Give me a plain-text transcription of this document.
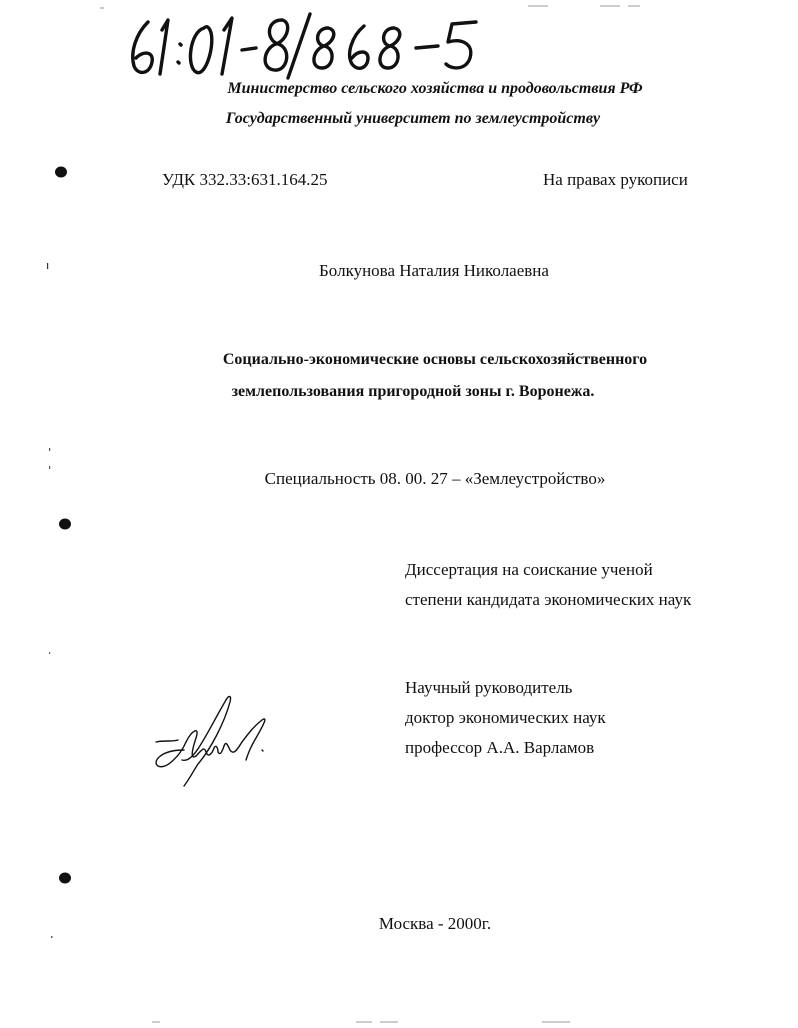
Министерство сельского хозяйства и продовольствия РФ
Государственный университет по землеустройству
УДК 332.33:631.164.25	На правах рукописи
Болкунова Наталия Николаевна
Социально-экономические основы сельскохозяйственного
землепользования пригородной зоны г. Воронежа.
Специальность 08. 00. 27 – «Землеустройство»
Диссертация на соискание ученой
степени кандидата экономических наук
Научный руководитель
доктор экономических наук
профессор А.А. Варламов
Москва - 2000г.
